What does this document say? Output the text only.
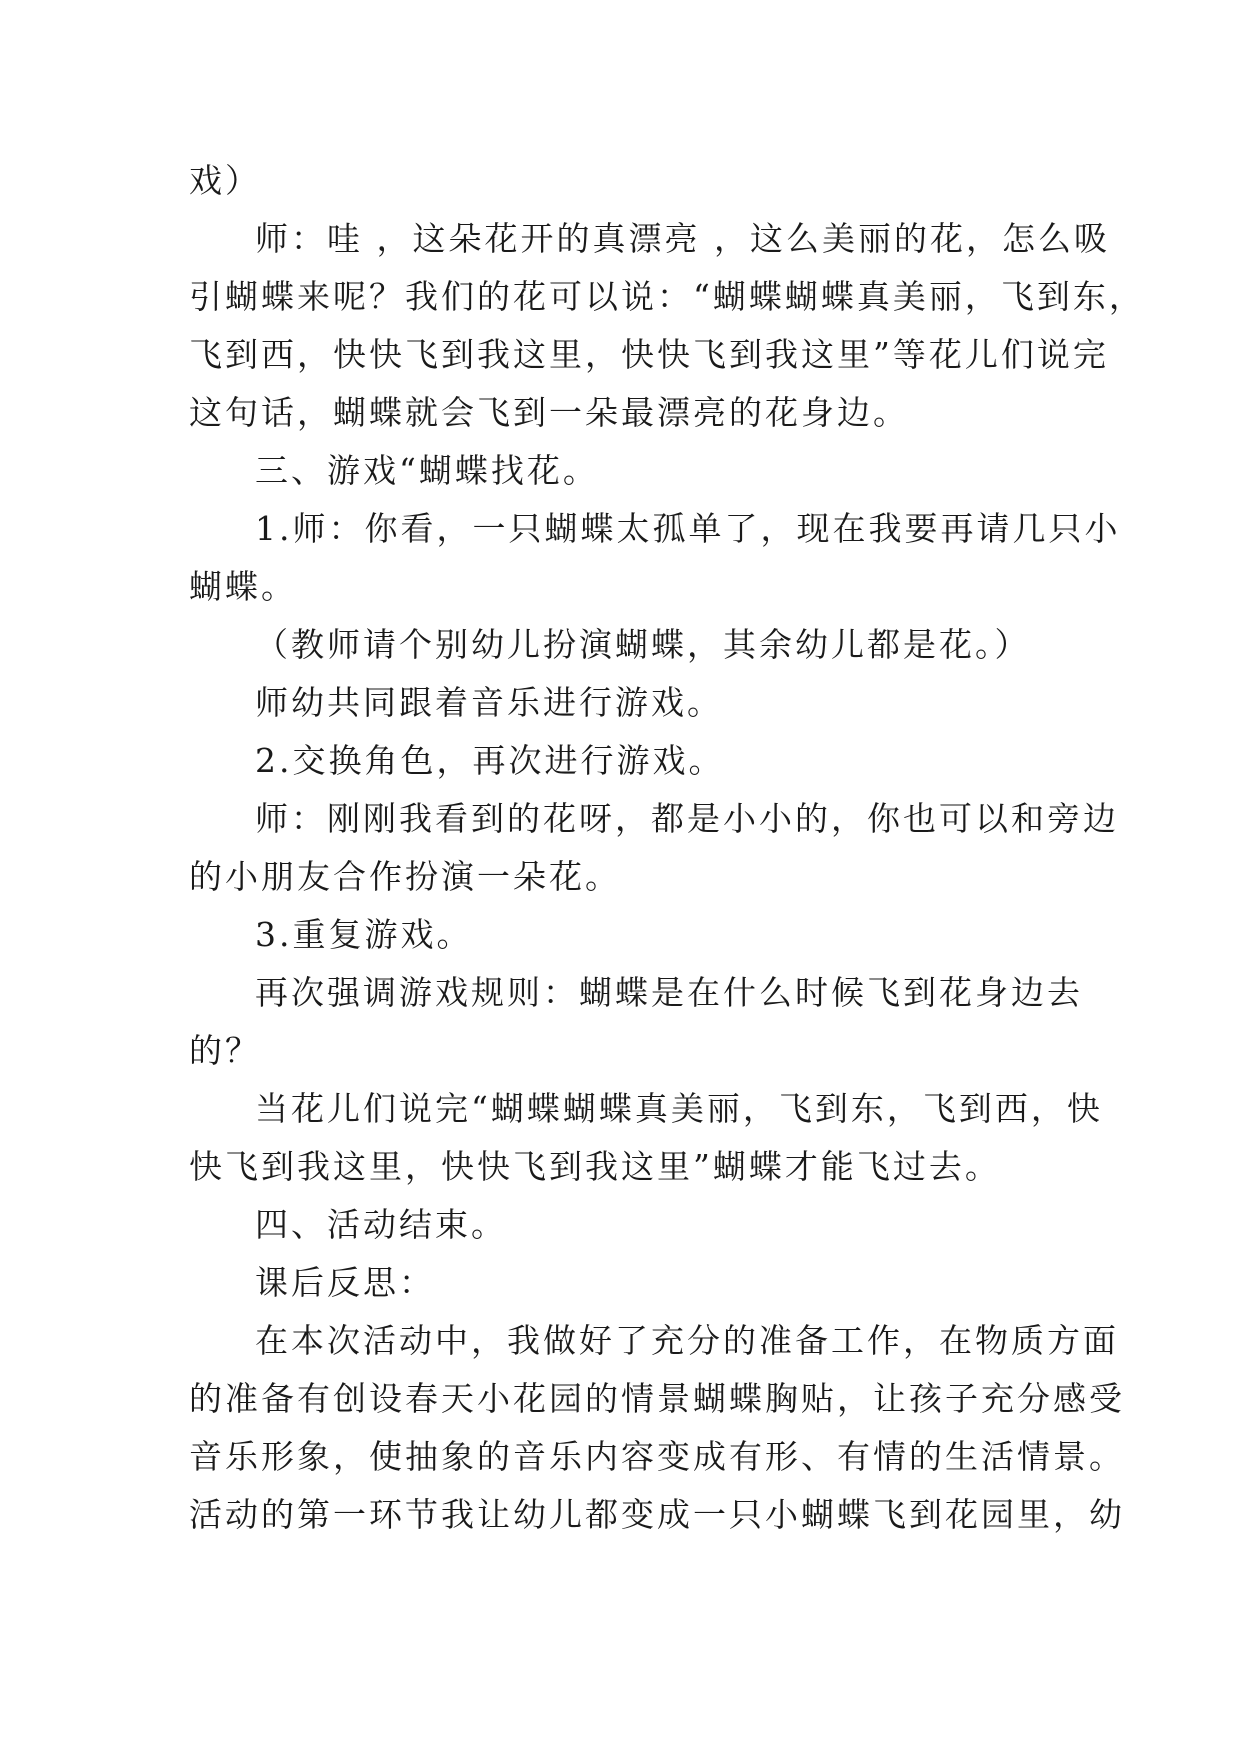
戏）
师：哇 ，这朵花开的真漂亮 ，这么美丽的花，怎么吸
引蝴蝶来呢？我们的花可以说：“蝴蝶蝴蝶真美丽，飞到东，
飞到西，快快飞到我这里，快快飞到我这里”等花儿们说完
这句话，蝴蝶就会飞到一朵最漂亮的花身边。
三、游戏“蝴蝶找花。
1.师：你看，一只蝴蝶太孤单了，现在我要再请几只小
蝴蝶。
（教师请个别幼儿扮演蝴蝶，其余幼儿都是花。）
师幼共同跟着音乐进行游戏。
2.交换角色，再次进行游戏。
师：刚刚我看到的花呀，都是小小的，你也可以和旁边
的小朋友合作扮演一朵花。
3.重复游戏。
再次强调游戏规则：蝴蝶是在什么时候飞到花身边去
的？
当花儿们说完“蝴蝶蝴蝶真美丽，飞到东，飞到西，快
快飞到我这里，快快飞到我这里”蝴蝶才能飞过去。
四、活动结束。
课后反思：
在本次活动中，我做好了充分的准备工作，在物质方面
的准备有创设春天小花园的情景蝴蝶胸贴，让孩子充分感受
音乐形象，使抽象的音乐内容变成有形、有情的生活情景。
活动的第一环节我让幼儿都变成一只小蝴蝶飞到花园里，幼
